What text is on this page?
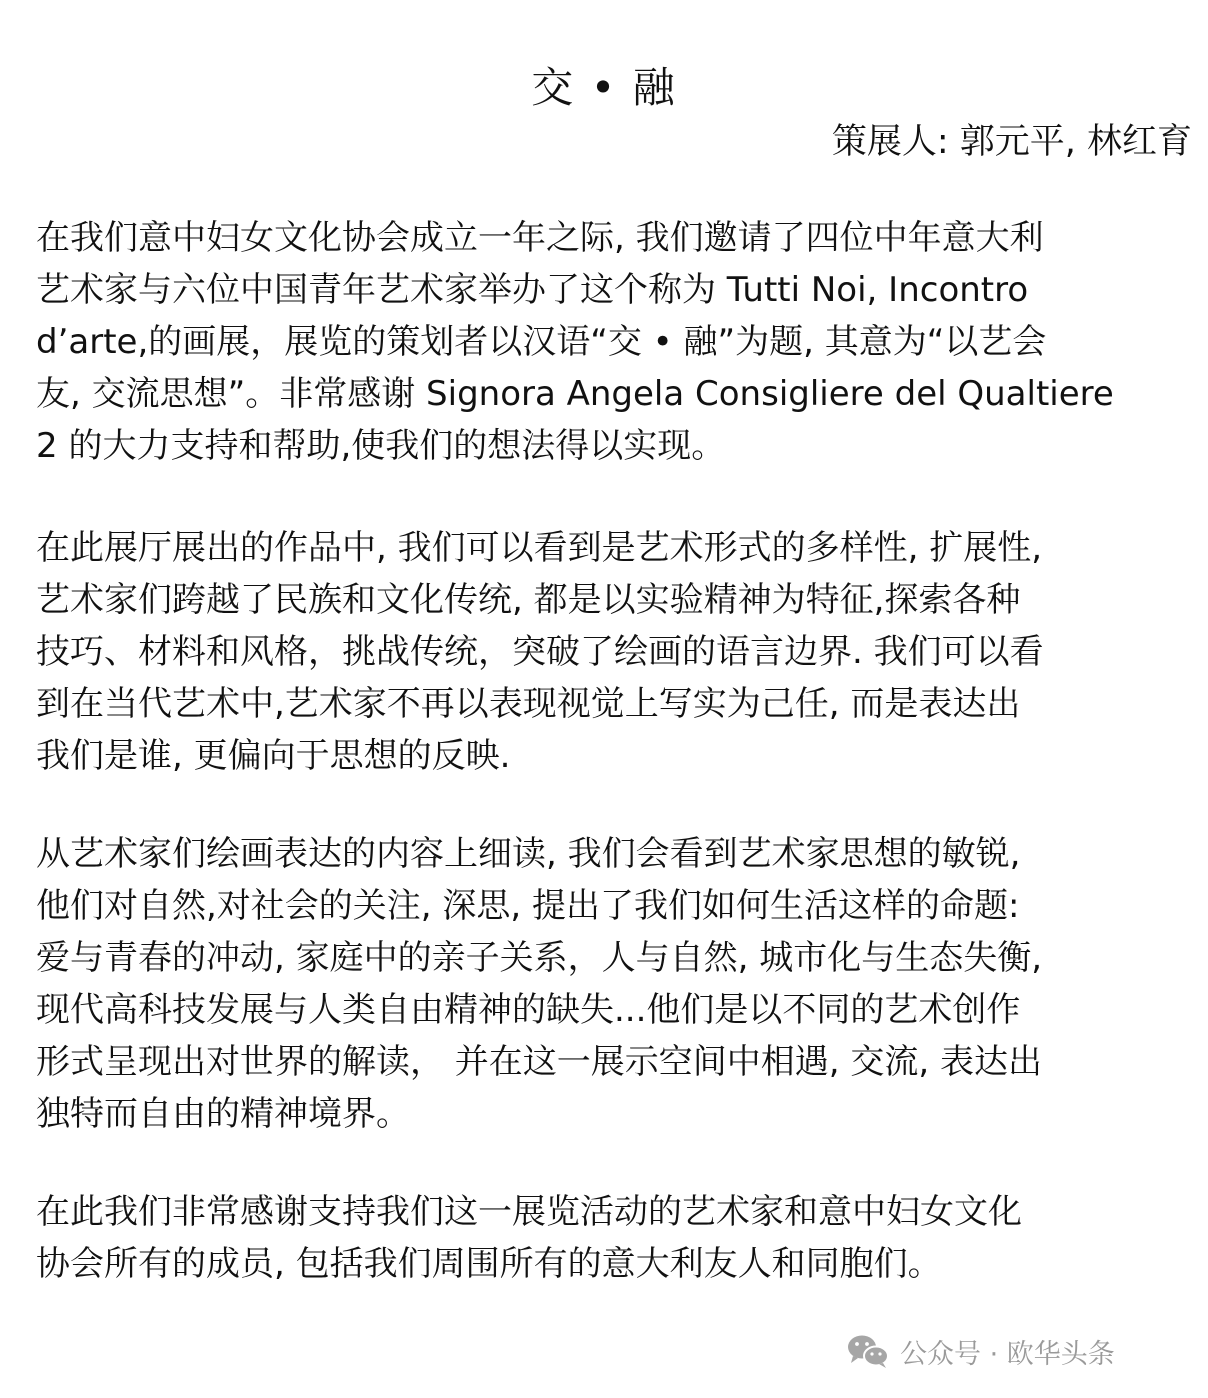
交 • 融
策展人: 郭元平, 林红育
在我们意中妇女文化协会成立一年之际, 我们邀请了四位中年意大利
艺术家与六位中国青年艺术家举办了这个称为 Tutti Noi, Incontro
d’arte,的画展，展览的策划者以汉语“交 • 融”为题, 其意为“以艺会
友, 交流思想”。非常感谢 Signora Angela Consigliere del Qualtiere
2 的大力支持和帮助,使我们的想法得以实现。
在此展厅展出的作品中, 我们可以看到是艺术形式的多样性, 扩展性,
艺术家们跨越了民族和文化传统, 都是以实验精神为特征,探索各种
技巧、材料和风格，挑战传统，突破了绘画的语言边界. 我们可以看
到在当代艺术中,艺术家不再以表现视觉上写实为己任, 而是表达出
我们是谁, 更偏向于思想的反映.
从艺术家们绘画表达的内容上细读, 我们会看到艺术家思想的敏锐,
他们对自然,对社会的关注, 深思, 提出了我们如何生活这样的命题:
爱与青春的冲动, 家庭中的亲子关系，人与自然, 城市化与生态失衡,
现代高科技发展与人类自由精神的缺失...他们是以不同的艺术创作
形式呈现出对世界的解读， 并在这一展示空间中相遇, 交流, 表达出
独特而自由的精神境界。
在此我们非常感谢支持我们这一展览活动的艺术家和意中妇女文化
协会所有的成员, 包括我们周围所有的意大利友人和同胞们。
公众号 · 欧华头条
